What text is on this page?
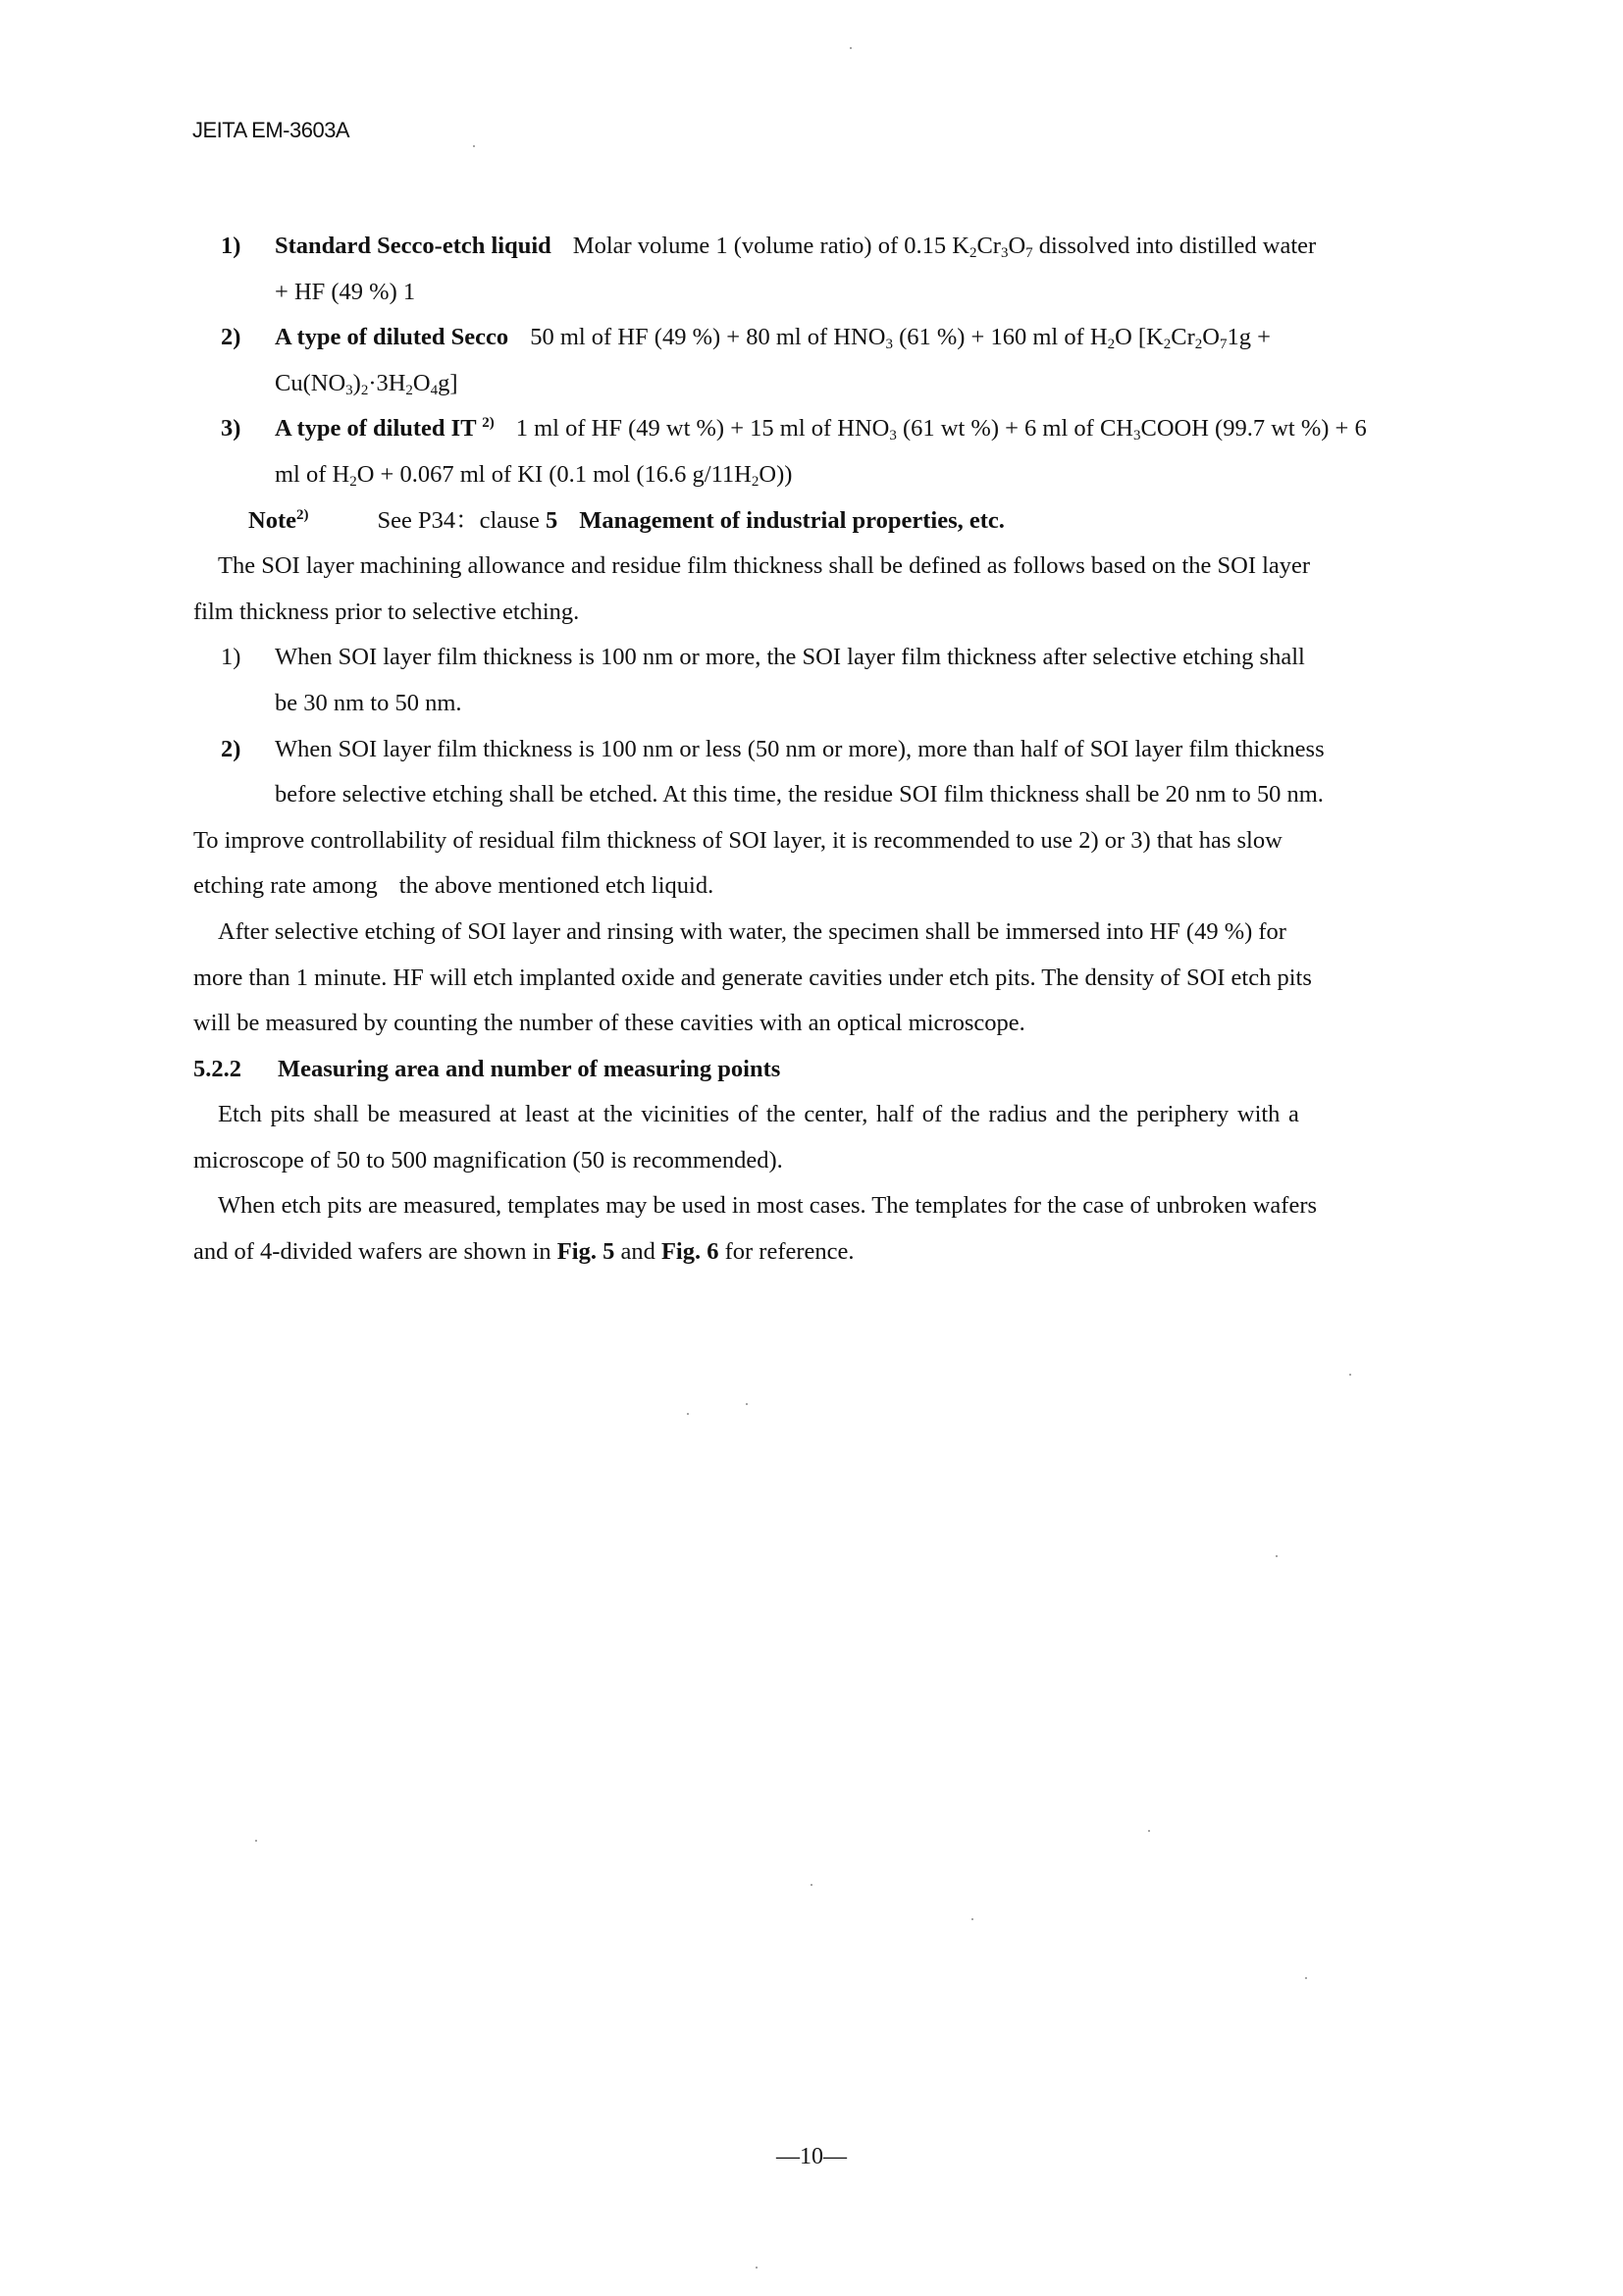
JEITA EM-3603A
1) Standard Secco-etch liquid Molar volume 1 (volume ratio) of 0.15 $K_2Cr_3O_7$ dissolved into distilled water
+ HF (49 %) 1
2) A type of diluted Secco 50 ml of HF (49 %) + 80 ml of $HNO_3$ (61 %) + 160 ml of $H_2O$ [$K_2Cr_2O_71g$ +
$Cu(NO_3)_2\cdot 3H_2O_4g$]
3) A type of diluted IT $^{2)}$ 1 ml of HF (49 wt %) + 15 ml of $HNO_3$ (61 wt %) + 6 ml of $CH_3COOH$ (99.7 wt %) + 6
ml of $H_2O + 0.067$ ml of KI (0.1 mol (16.6 $g/11H_2O$))
Note$^{2)}$	See P34：clause 5 Management of industrial properties, etc.
The SOI layer machining allowance and residue film thickness shall be defined as follows based on the SOI layer
film thickness prior to selective etching.
1) When SOI layer film thickness is 100 nm or more, the SOI layer film thickness after selective etching shall
be 30 nm to 50 nm.
2) When SOI layer film thickness is 100 nm or less (50 nm or more), more than half of SOI layer film thickness
before selective etching shall be etched. At this time, the residue SOI film thickness shall be 20 nm to 50 nm.
To improve controllability of residual film thickness of SOI layer, it is recommended to use 2) or 3) that has slow
etching rate among the above mentioned etch liquid.
After selective etching of SOI layer and rinsing with water, the specimen shall be immersed into HF (49 %) for
more than 1 minute. HF will etch implanted oxide and generate cavities under etch pits. The density of SOI etch pits
will be measured by counting the number of these cavities with an optical microscope.
5.2.2 Measuring area and number of measuring points
Etch pits shall be measured at least at the vicinities of the center, half of the radius and the periphery with a
microscope of 50 to 500 magnification (50 is recommended).
When etch pits are measured, templates may be used in most cases. The templates for the case of unbroken wafers
and of 4-divided wafers are shown in Fig. 5 and Fig. 6 for reference.
—10—
